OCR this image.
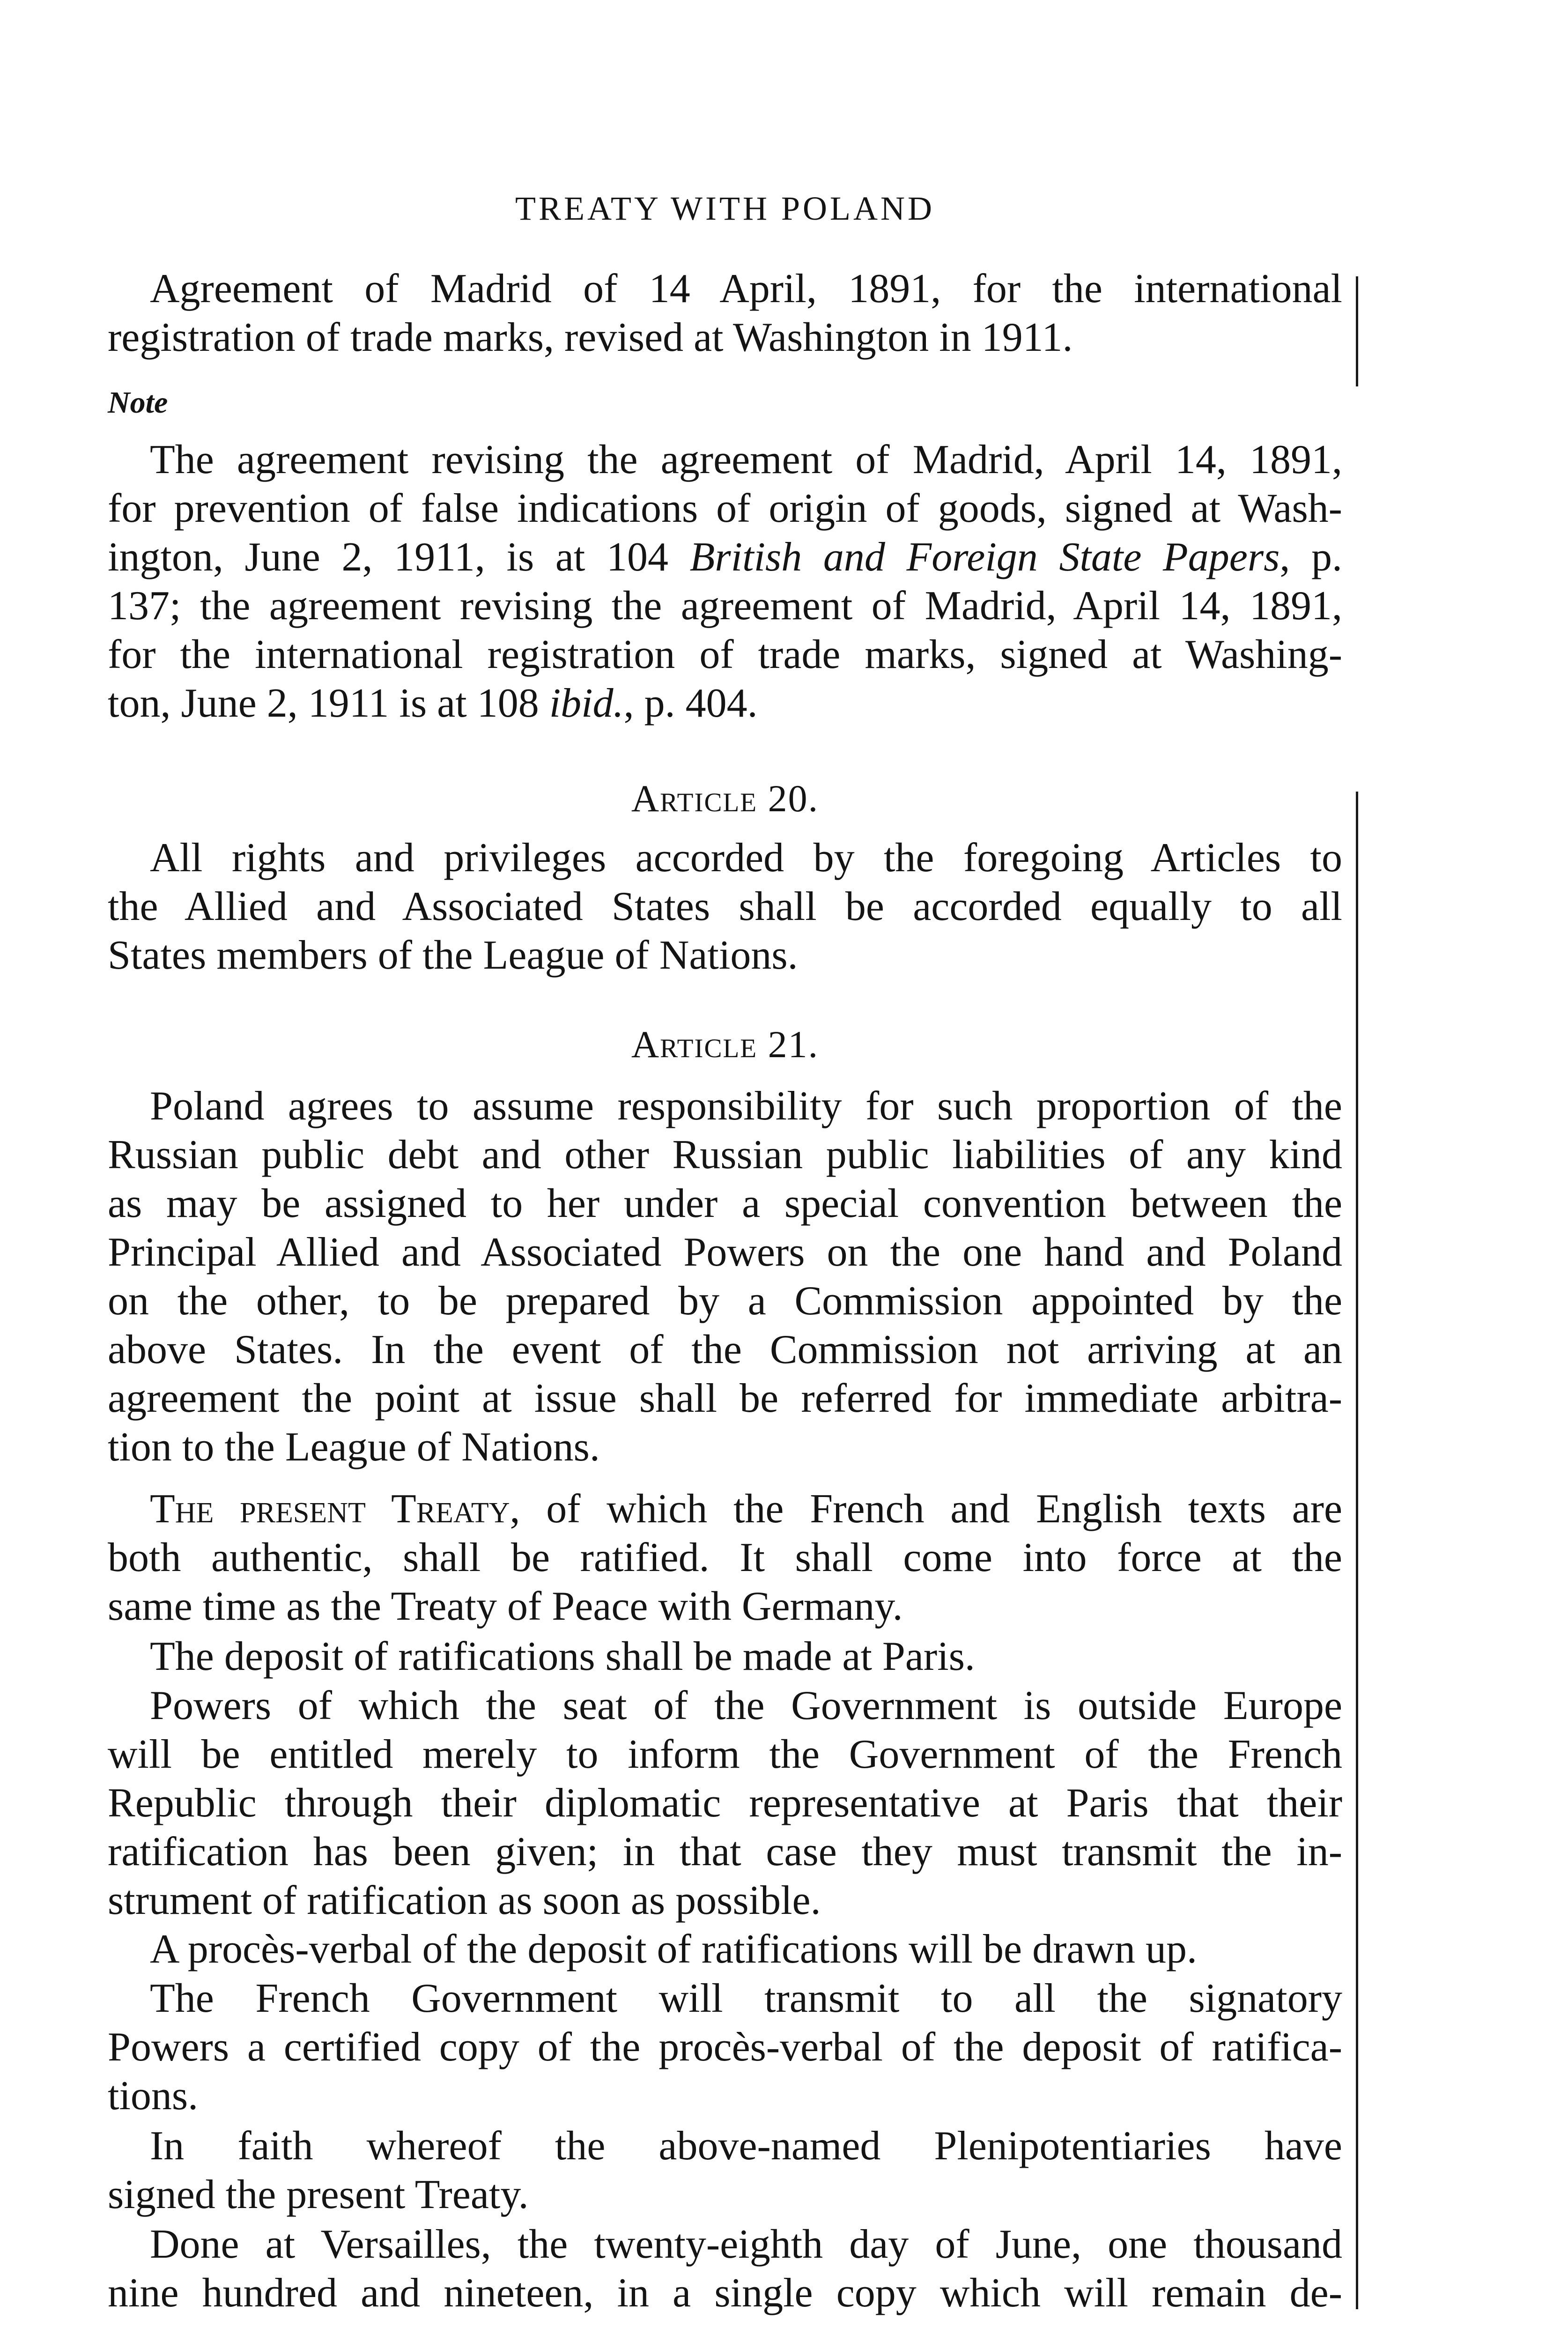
TREATY WITH POLAND
Agreement of Madrid of 14 April, 1891, for the international
registration of trade marks, revised at Washington in 1911.
Note
The agreement revising the agreement of Madrid, April 14, 1891,
for prevention of false indications of origin of goods, signed at Wash-
ington, June 2, 1911, is at 104 British and Foreign State Papers, p.
137; the agreement revising the agreement of Madrid, April 14, 1891,
for the international registration of trade marks, signed at Washing-
ton, June 2, 1911 is at 108 ibid., p. 404.
Article 20.
All rights and privileges accorded by the foregoing Articles to
the Allied and Associated States shall be accorded equally to all
States members of the League of Nations.
Article 21.
Poland agrees to assume responsibility for such proportion of the
Russian public debt and other Russian public liabilities of any kind
as may be assigned to her under a special convention between the
Principal Allied and Associated Powers on the one hand and Poland
on the other, to be prepared by a Commission appointed by the
above States. In the event of the Commission not arriving at an
agreement the point at issue shall be referred for immediate arbitra-
tion to the League of Nations.
The present Treaty, of which the French and English texts are
both authentic, shall be ratified. It shall come into force at the
same time as the Treaty of Peace with Germany.
The deposit of ratifications shall be made at Paris.
Powers of which the seat of the Government is outside Europe
will be entitled merely to inform the Government of the French
Republic through their diplomatic representative at Paris that their
ratification has been given; in that case they must transmit the in-
strument of ratification as soon as possible.
A procès-verbal of the deposit of ratifications will be drawn up.
The French Government will transmit to all the signatory
Powers a certified copy of the procès-verbal of the deposit of ratifica-
tions.
In faith whereof the above-named Plenipotentiaries have
signed the present Treaty.
Done at Versailles, the twenty-eighth day of June, one thousand
nine hundred and nineteen, in a single copy which will remain de-
